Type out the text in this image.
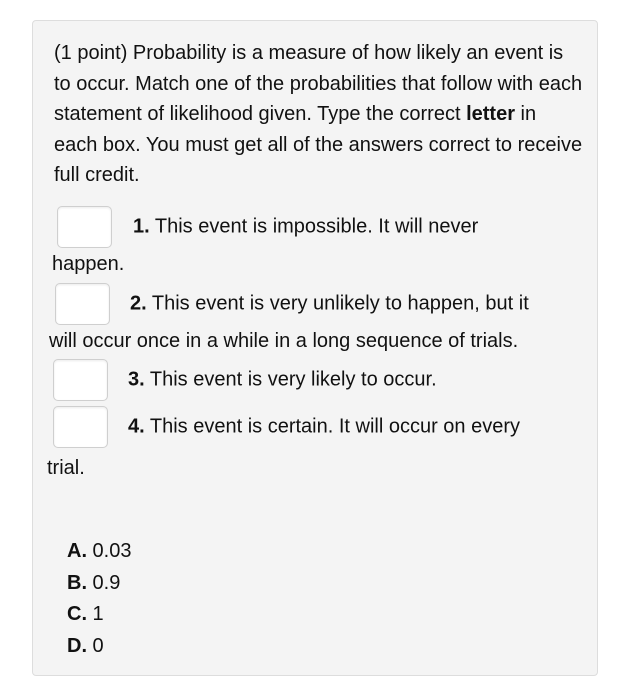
(1 point) Probability is a measure of how likely an event is to occur. Match one of the probabilities that follow with each statement of likelihood given. Type the correct letter in each box. You must get all of the answers correct to receive full credit.

1. This event is impossible. It will never
happen.
2. This event is very unlikely to happen, but it
will occur once in a while in a long sequence of trials.
3. This event is very likely to occur.
4. This event is certain. It will occur on every
trial.
A. 0.03
B. 0.9
C. 1
D. 0
